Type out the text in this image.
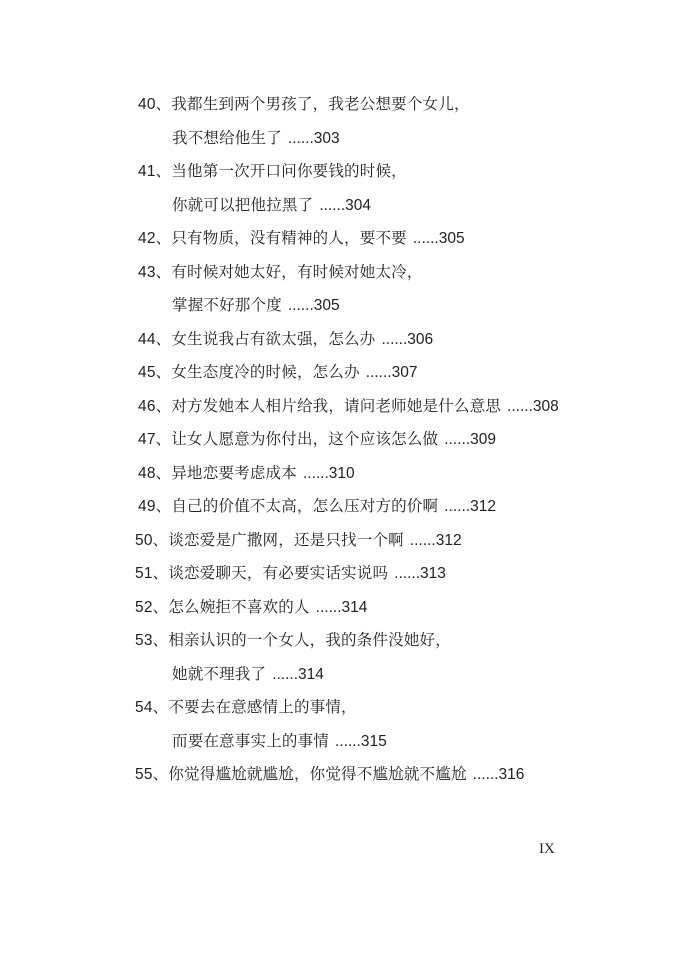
40、我都生到两个男孩了，我老公想要个女儿，
我不想给他生了 ......303
41、当他第一次开口问你要钱的时候，
你就可以把他拉黑了 ......304
42、只有物质，没有精神的人，要不要 ......305
43、有时候对她太好，有时候对她太冷，
掌握不好那个度 ......305
44、女生说我占有欲太强，怎么办 ......306
45、女生态度冷的时候，怎么办 ......307
46、对方发她本人相片给我，请问老师她是什么意思 ......308
47、让女人愿意为你付出，这个应该怎么做 ......309
48、异地恋要考虑成本 ......310
49、自己的价值不太高，怎么压对方的价啊 ......312
50、谈恋爱是广撒网，还是只找一个啊 ......312
51、谈恋爱聊天，有必要实话实说吗 ......313
52、怎么婉拒不喜欢的人 ......314
53、相亲认识的一个女人，我的条件没她好，
她就不理我了 ......314
54、不要去在意感情上的事情，
而要在意事实上的事情 ......315
55、你觉得尴尬就尴尬，你觉得不尴尬就不尴尬 ......316
IX
